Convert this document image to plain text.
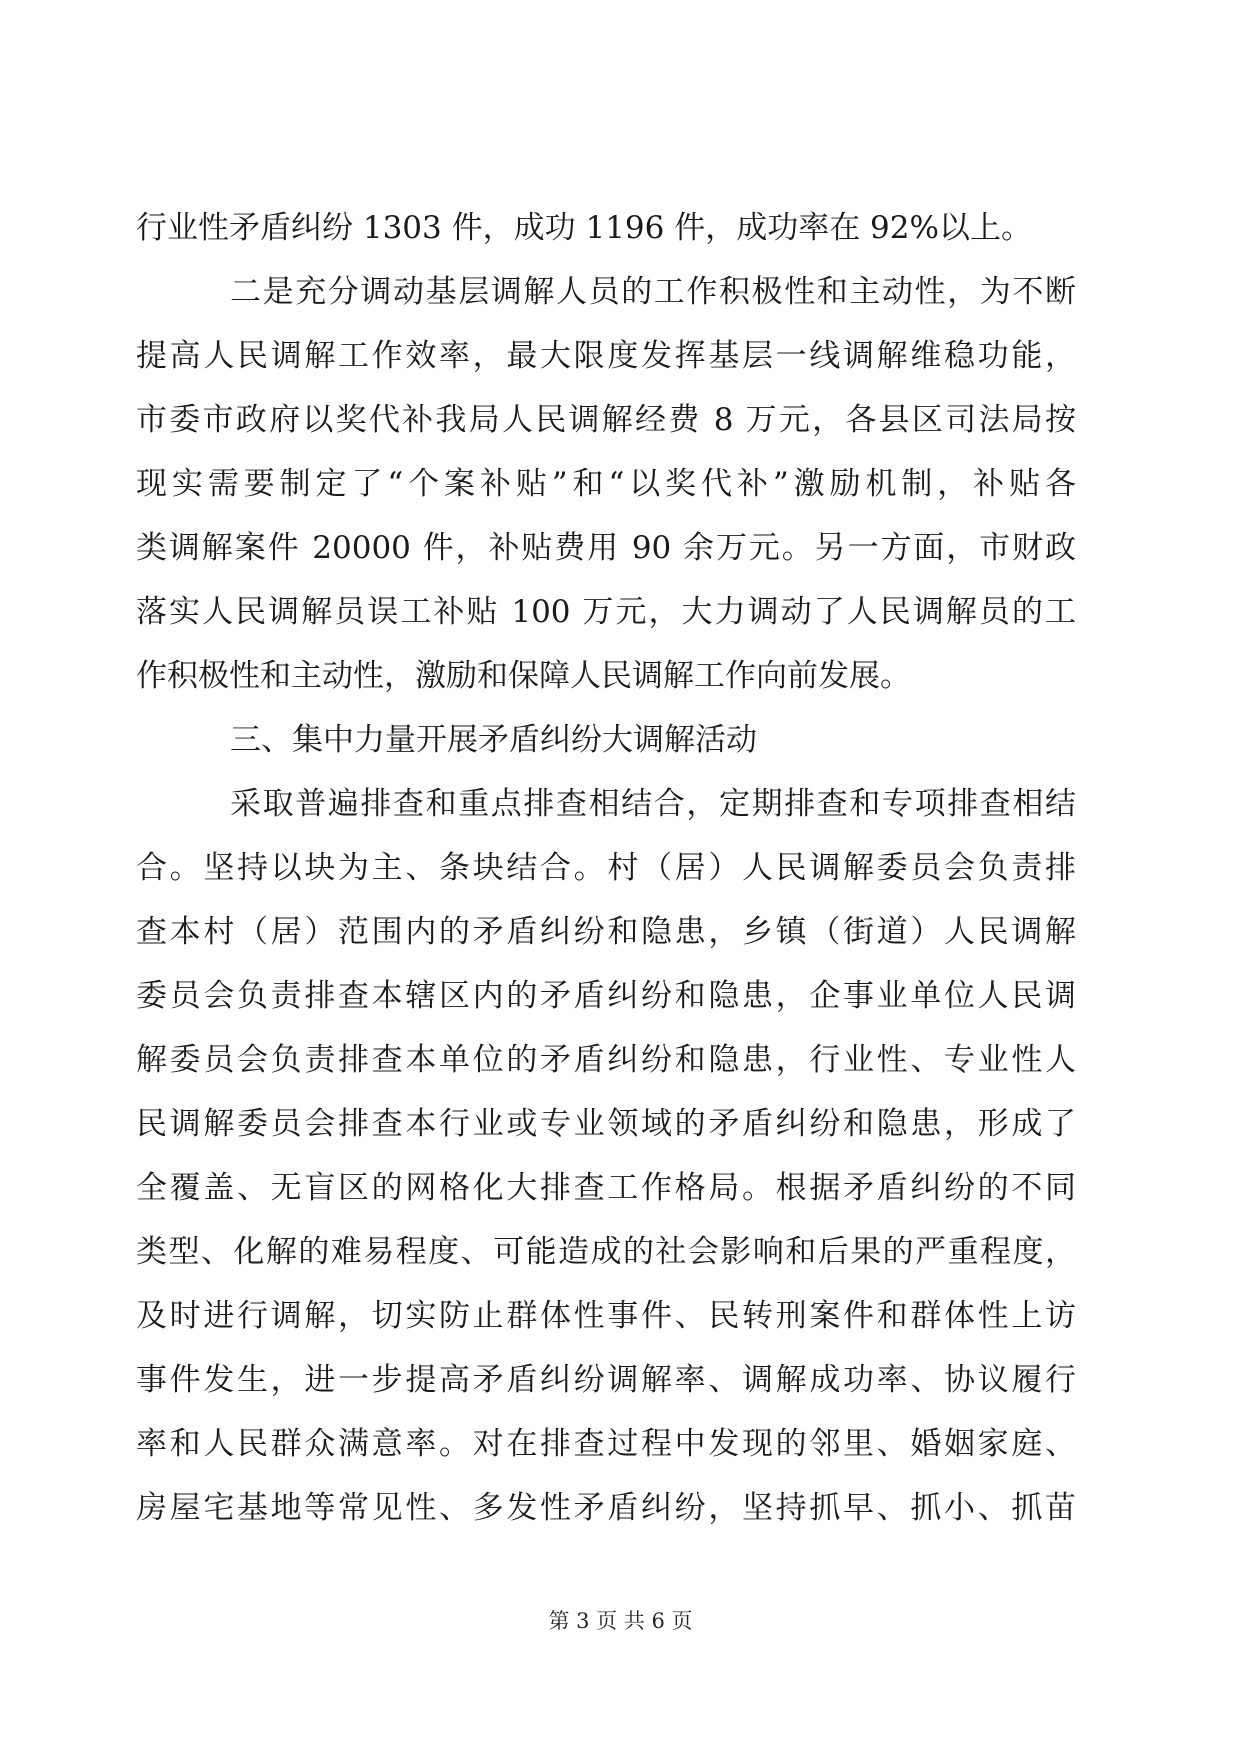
行业性矛盾纠纷 1303 件，成功 1196 件，成功率在 92%以上。
二是充分调动基层调解人员的工作积极性和主动性，为不断
提高人民调解工作效率，最大限度发挥基层一线调解维稳功能，
市委市政府以奖代补我局人民调解经费 8 万元，各县区司法局按
现实需要制定了“个案补贴”和“以奖代补”激励机制，补贴各
类调解案件 20000 件，补贴费用 90 余万元。另一方面，市财政
落实人民调解员误工补贴 100 万元，大力调动了人民调解员的工
作积极性和主动性，激励和保障人民调解工作向前发展。
三、集中力量开展矛盾纠纷大调解活动
采取普遍排查和重点排查相结合，定期排查和专项排查相结
合。坚持以块为主、条块结合。村（居）人民调解委员会负责排
查本村（居）范围内的矛盾纠纷和隐患，乡镇（街道）人民调解
委员会负责排查本辖区内的矛盾纠纷和隐患，企事业单位人民调
解委员会负责排查本单位的矛盾纠纷和隐患，行业性、专业性人
民调解委员会排查本行业或专业领域的矛盾纠纷和隐患，形成了
全覆盖、无盲区的网格化大排查工作格局。根据矛盾纠纷的不同
类型、化解的难易程度、可能造成的社会影响和后果的严重程度，
及时进行调解，切实防止群体性事件、民转刑案件和群体性上访
事件发生，进一步提高矛盾纠纷调解率、调解成功率、协议履行
率和人民群众满意率。对在排查过程中发现的邻里、婚姻家庭、
房屋宅基地等常见性、多发性矛盾纠纷，坚持抓早、抓小、抓苗
第 3 页 共 6 页
